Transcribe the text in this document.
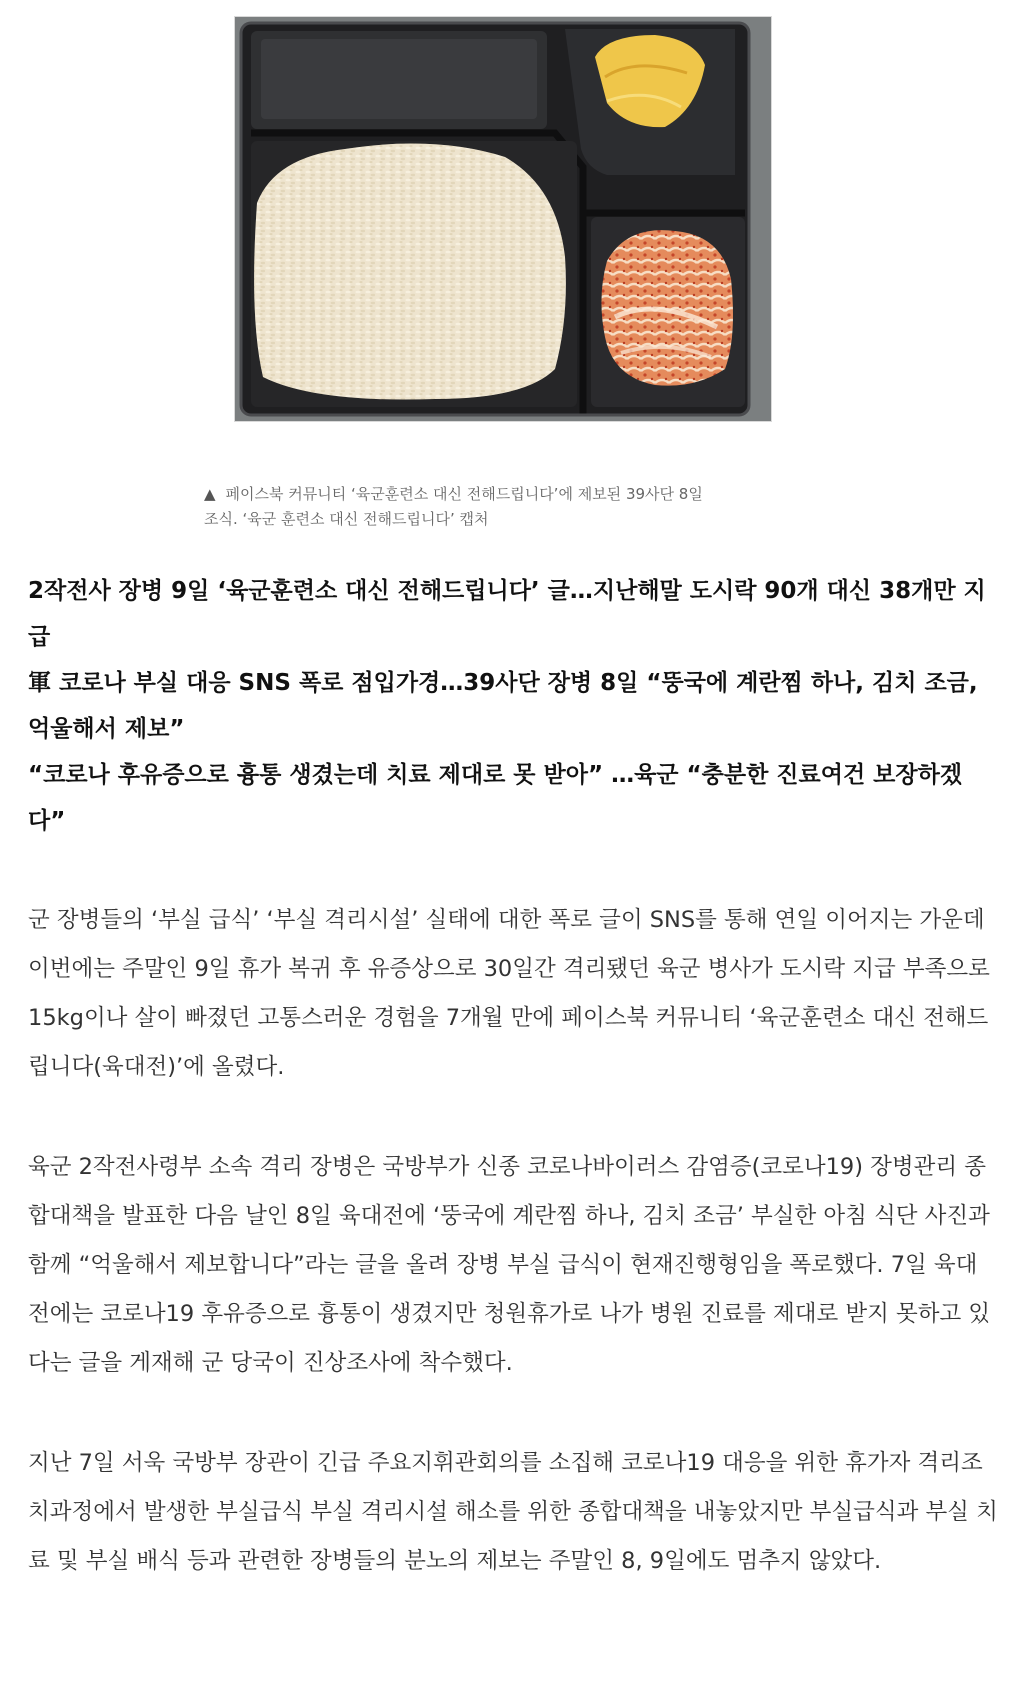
▲ 페이스북 커뮤니티 ‘육군훈련소 대신 전해드립니다’에 제보된 39사단 8일
조식. ‘육군 훈련소 대신 전해드립니다’ 캡처

2작전사 장병 9일 ‘육군훈련소 대신 전해드립니다’ 글…지난해말 도시락 90개 대신 38개만 지급

軍 코로나 부실 대응 SNS 폭로 점입가경…39사단 장병 8일 “뚱국에 계란찜 하나, 김치 조금, 억울해서 제보”

“코로나 후유증으로 흉통 생겼는데 치료 제대로 못 받아” …육군 “충분한 진료여건 보장하겠다”

군 장병들의 ‘부실 급식’ ‘부실 격리시설’ 실태에 대한 폭로 글이 SNS를 통해 연일 이어지는 가운데 이번에는 주말인 9일 휴가 복귀 후 유증상으로 30일간 격리됐던 육군 병사가 도시락 지급 부족으로 15kg이나 살이 빠졌던 고통스러운 경험을 7개월 만에 페이스북 커뮤니티 ‘육군훈련소 대신 전해드립니다(육대전)’에 올렸다.

육군 2작전사령부 소속 격리 장병은 국방부가 신종 코로나바이러스 감염증(코로나19) 장병관리 종합대책을 발표한 다음 날인 8일 육대전에 ‘뚱국에 계란찜 하나, 김치 조금’ 부실한 아침 식단 사진과 함께 “억울해서 제보합니다”라는 글을 올려 장병 부실 급식이 현재진행형임을 폭로했다. 7일 육대전에는 코로나19 후유증으로 흉통이 생겼지만 청원휴가로 나가 병원 진료를 제대로 받지 못하고 있다는 글을 게재해 군 당국이 진상조사에 착수했다.

지난 7일 서욱 국방부 장관이 긴급 주요지휘관회의를 소집해 코로나19 대응을 위한 휴가자 격리조치과정에서 발생한 부실급식 부실 격리시설 해소를 위한 종합대책을 내놓았지만 부실급식과 부실 치료 및 부실 배식 등과 관련한 장병들의 분노의 제보는 주말인 8, 9일에도 멈추지 않았다.
